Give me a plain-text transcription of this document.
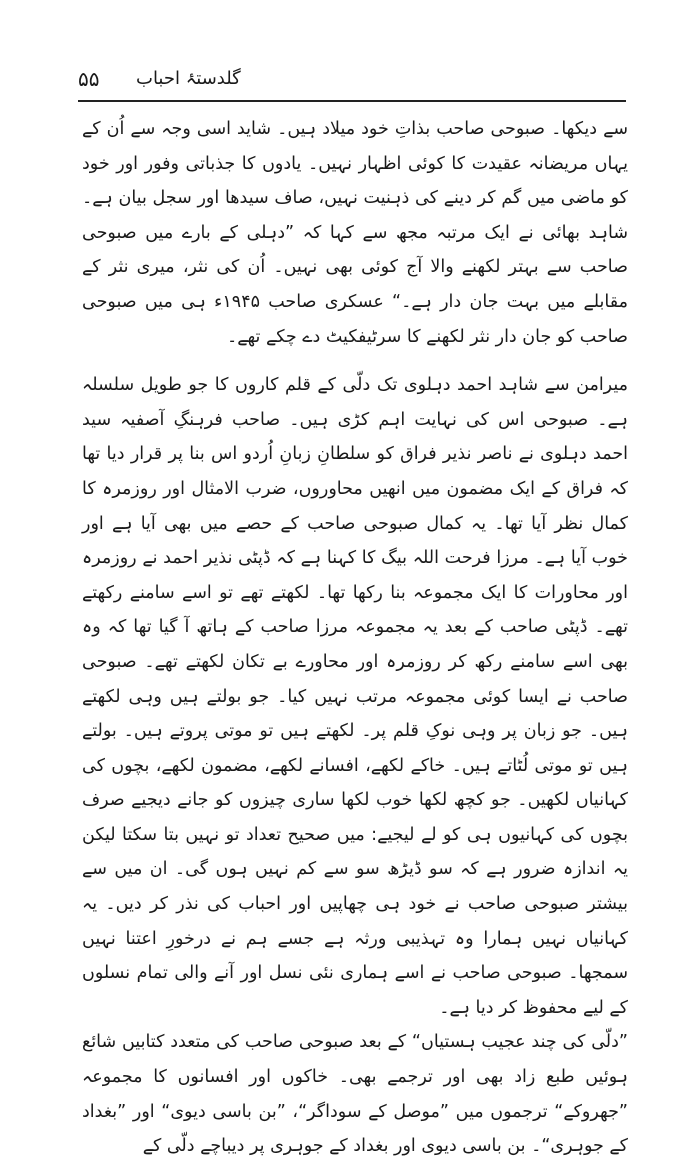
۵۵ گلدستۂ احباب

سے دیکھا۔ صبوحی صاحب بذاتِ خود میلاد ہیں۔ شاید اسی وجہ سے اُن کے یہاں مریضانہ عقیدت کا کوئی اظہار نہیں۔ یادوں کا جذباتی وفور اور خود کو ماضی میں گم کر دینے کی ذہنیت نہیں، صاف سیدھا اور سجل بیان ہے۔ شاہد بھائی نے ایک مرتبہ مجھ سے کہا کہ ”دہلی کے بارے میں صبوحی صاحب سے بہتر لکھنے والا آج کوئی بھی نہیں۔ اُن کی نثر، میری نثر کے مقابلے میں بہت جان دار ہے۔“ عسکری صاحب ۱۹۴۵ء ہی میں صبوحی صاحب کو جان دار نثر لکھنے کا سرٹیفکیٹ دے چکے تھے۔

میرامن سے شاہد احمد دہلوی تک دلّی کے قلم کاروں کا جو طویل سلسلہ ہے۔ صبوحی اس کی نہایت اہم کڑی ہیں۔ صاحب فرہنگِ آصفیہ سید احمد دہلوی نے ناصر نذیر فراق کو سلطانِ زبانِ اُردو اس بنا پر قرار دیا تھا کہ فراق کے ایک مضمون میں انھیں محاوروں، ضرب الامثال اور روزمرہ کا کمال نظر آیا تھا۔ یہ کمال صبوحی صاحب کے حصے میں بھی آیا ہے اور خوب آیا ہے۔ مرزا فرحت اللہ بیگ کا کہنا ہے کہ ڈپٹی نذیر احمد نے روزمرہ اور محاورات کا ایک مجموعہ بنا رکھا تھا۔ لکھتے تھے تو اسے سامنے رکھتے تھے۔ ڈپٹی صاحب کے بعد یہ مجموعہ مرزا صاحب کے ہاتھ آ گیا تھا کہ وہ بھی اسے سامنے رکھ کر روزمرہ اور محاورے بے تکان لکھتے تھے۔ صبوحی صاحب نے ایسا کوئی مجموعہ مرتب نہیں کیا۔ جو بولتے ہیں وہی لکھتے ہیں۔ جو زبان پر وہی نوکِ قلم پر۔ لکھتے ہیں تو موتی پروتے ہیں۔ بولتے ہیں تو موتی لُٹاتے ہیں۔ خاکے لکھے، افسانے لکھے، مضمون لکھے، بچوں کی کہانیاں لکھیں۔ جو کچھ لکھا خوب لکھا ساری چیزوں کو جانے دیجیے صرف بچوں کی کہانیوں ہی کو لے لیجیے: میں صحیح تعداد تو نہیں بتا سکتا لیکن یہ اندازہ ضرور ہے کہ سو ڈیڑھ سو سے کم نہیں ہوں گی۔ ان میں سے بیشتر صبوحی صاحب نے خود ہی چھاپیں اور احباب کی نذر کر دیں۔ یہ کہانیاں نہیں ہمارا وہ تہذیبی ورثہ ہے جسے ہم نے درخورِ اعتنا نہیں سمجھا۔ صبوحی صاحب نے اسے ہماری نئی نسل اور آنے والی تمام نسلوں کے لیے محفوظ کر دیا ہے۔

”دلّی کی چند عجیب ہستیاں“ کے بعد صبوحی صاحب کی متعدد کتابیں شائع ہوئیں طبع زاد بھی اور ترجمے بھی۔ خاکوں اور افسانوں کا مجموعہ ”جھروکے“ ترجموں میں ”موصل کے سوداگر“، ”بن باسی دیوی“ اور ”بغداد کے جوہری“۔ بن باسی دیوی اور بغداد کے جوہری پر دیباچے دلّی کے
